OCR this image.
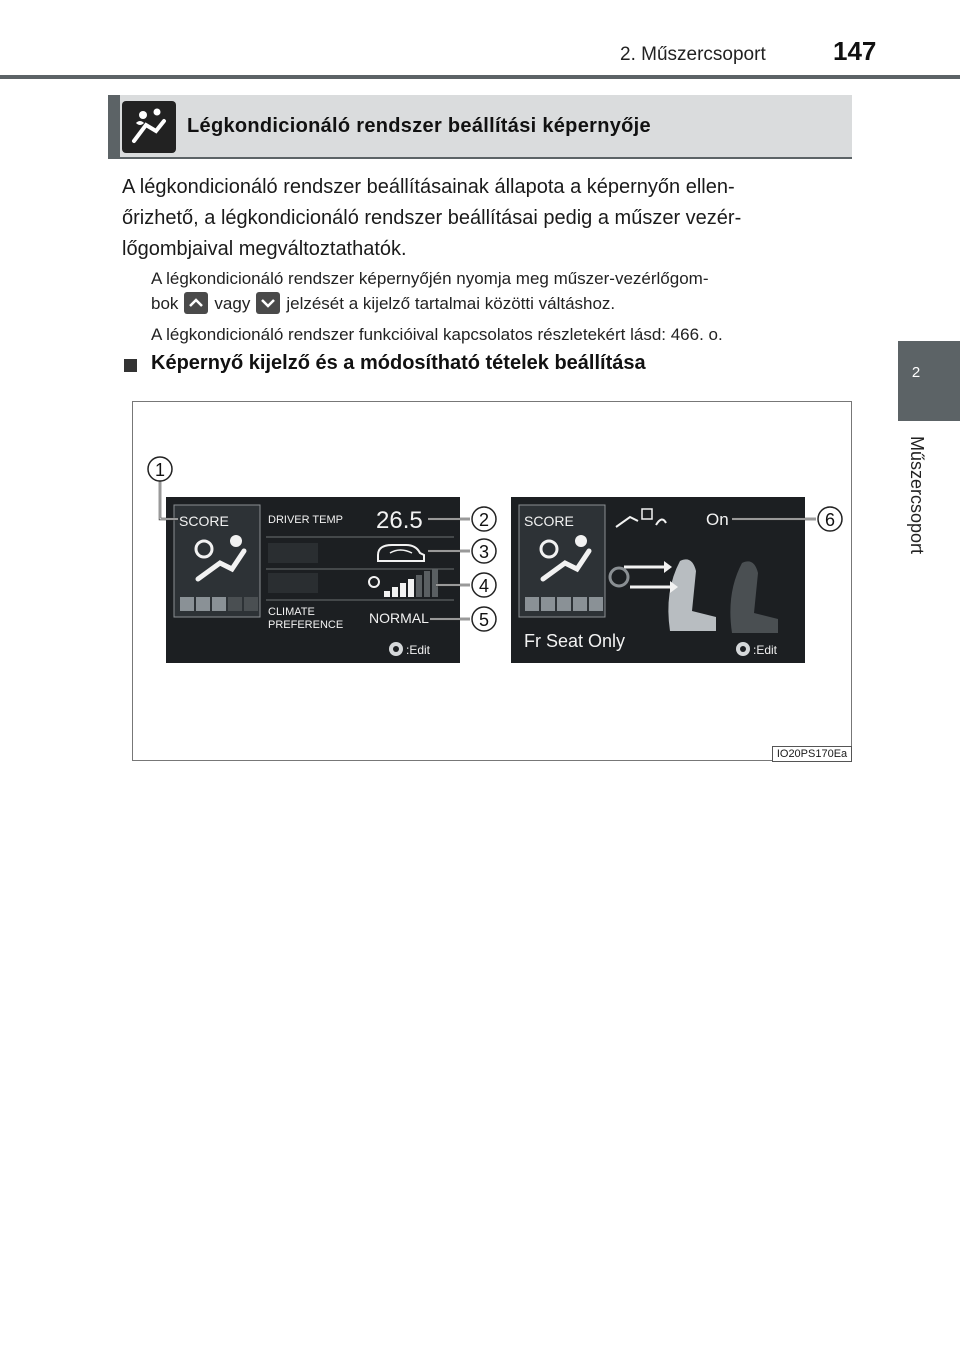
2. Műszercsoport	147
2
Műszercsoport
Légkondicionáló rendszer beállítási képernyője
A légkondicionáló rendszer beállításainak állapota a képernyőn ellen-
őrizhető, a légkondicionáló rendszer beállításai pedig a műszer vezér-
lőgombjaival megváltoztathatók.
A légkondicionáló rendszer képernyőjén nyomja meg műszer-vezérlőgom-
bok vagy jelzését a kijelző tartalmai közötti váltáshoz.
A légkondicionáló rendszer funkcióival kapcsolatos részletekért lásd: 466. o.
Képernyő kijelző és a módosítható tételek beállítása
SCORE	DRIVER TEMP 26.5
CLIMATE
PREFERENCE NORMAL
:Edit
SCORE	On
Fr Seat Only	:Edit
1
2
3
4
5
6
IO20PS170Ea
